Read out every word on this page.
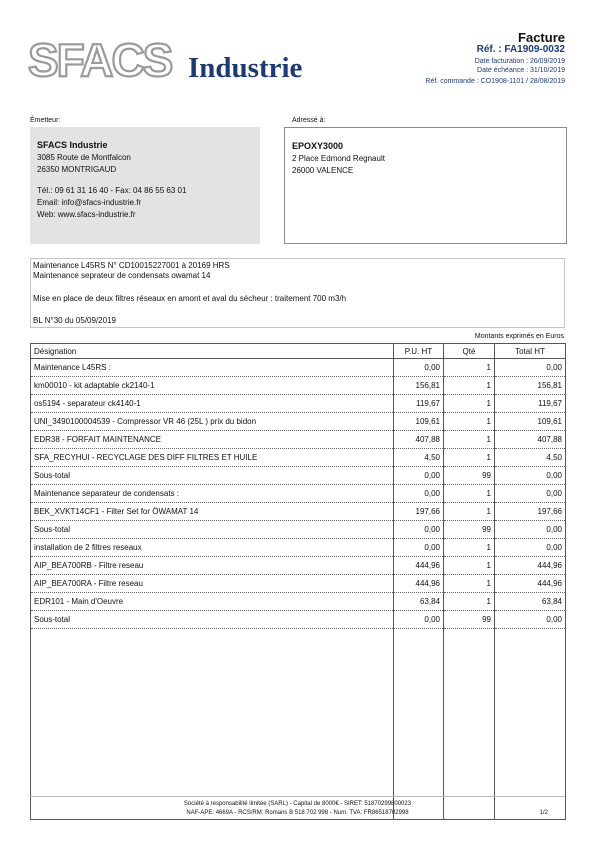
SFACS Industrie
Facture
Réf. : FA1909-0032
Date facturation : 26/09/2019
Date échéance : 31/10/2019
Réf. commande : CO1908-1101 / 28/08/2019
Émetteur:
SFACS Industrie
3085 Route de Montfalcon
26350 MONTRIGAUD
Tél.: 09 61 31 16 40 - Fax: 04 86 55 63 01
Email: info@sfacs-industrie.fr
Web: www.sfacs-industrie.fr
Adressé à:
EPOXY3000
2 Place Edmond Regnault
26000 VALENCE
Maintenance L45RS N° CD10015227001 à 20169 HRS
Maintenance seprateur de condensats owamat 14
Mise en place de deux filtres réseaux en amont et aval du sécheur : traitement 700 m3/h
BL N°30 du 05/09/2019
Montants exprimés en Euros
Désignation	P.U. HT	Qté	Total HT
Maintenance L45RS :	0,00	1	0,00
km00010 - kit adaptable ck2140-1	156,81	1	156,81
os5194 - separateur ck4140-1	119,67	1	119,67
UNI_3490100004539 - Compressor VR 46 (25L ) prix du bidon	109,61	1	109,61
EDR38 - FORFAIT MAINTENANCE	407,88	1	407,88
SFA_RECYHUI - RECYCLAGE DES DIFF FILTRES ET HUILE	4,50	1	4,50
Sous-total	0,00	99	0,00
Maintenance separateur de condensats :	0,00	1	0,00
BEK_XVKT14CF1 - Filter Set for ÖWAMAT 14	197,66	1	197,66
Sous-total	0,00	99	0,00
installation de 2 filtres reseaux	0,00	1	0,00
AIP_BEA700RB - Filtre reseau	444,96	1	444,96
AIP_BEA700RA - Filtre reseau	444,96	1	444,96
EDR101 - Main d'Oeuvre	63,84	1	63,84
Sous-total	0,00	99	0,00

Société à responsabilité limitée (SARL) - Capital de 8000€ - SIRET: 51870299800023
NAF-APE: 4669A - RCS/RM: Romans B 518 702 998 - Num. TVA: FR86518702998	1/2
